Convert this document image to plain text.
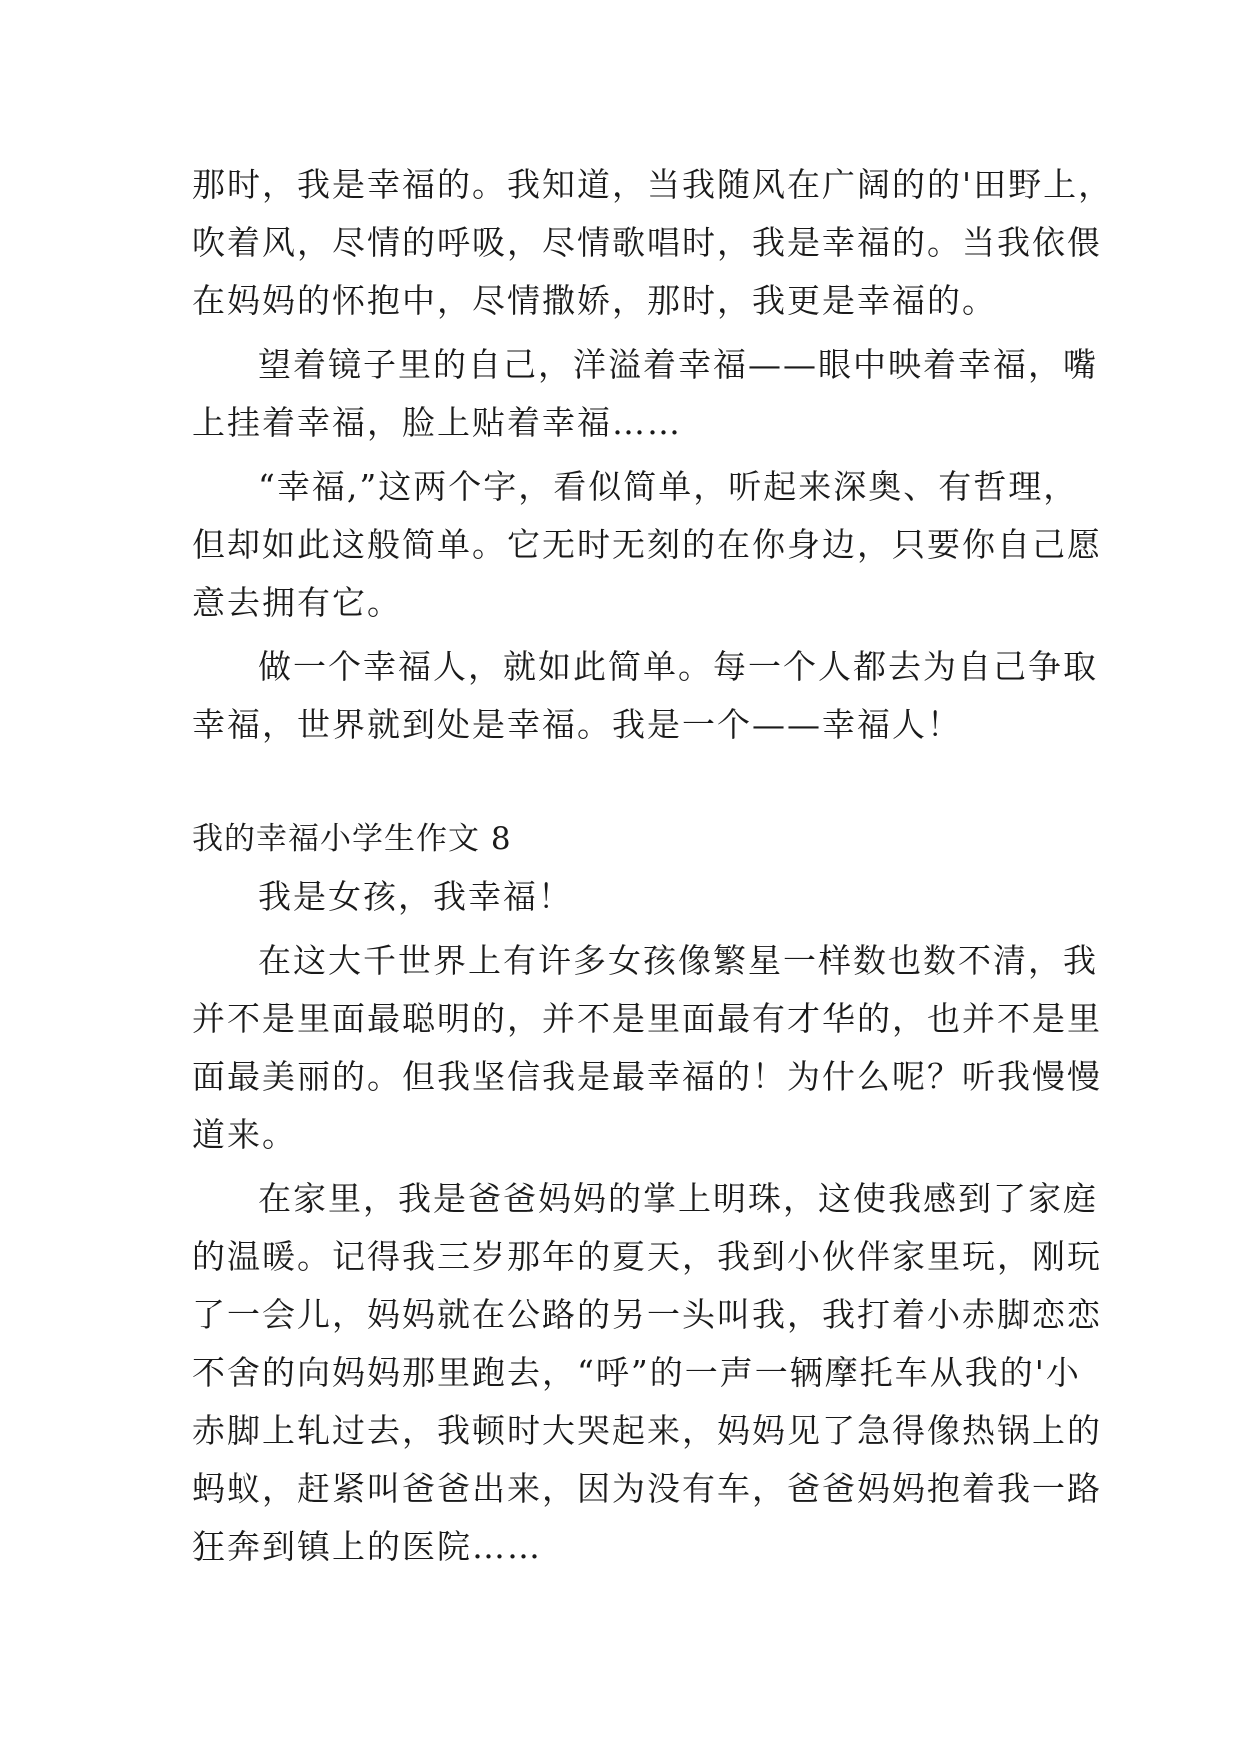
那时，我是幸福的。我知道，当我随风在广阔的的'田野上，
吹着风，尽情的呼吸，尽情歌唱时，我是幸福的。当我依偎
在妈妈的怀抱中，尽情撒娇，那时，我更是幸福的。
望着镜子里的自己，洋溢着幸福——眼中映着幸福，嘴
上挂着幸福，脸上贴着幸福……
“幸福,”这两个字，看似简单，听起来深奥、有哲理，
但却如此这般简单。它无时无刻的在你身边，只要你自己愿
意去拥有它。
做一个幸福人，就如此简单。每一个人都去为自己争取
幸福，世界就到处是幸福。我是一个——幸福人！
我的幸福小学生作文 8
我是女孩，我幸福！
在这大千世界上有许多女孩像繁星一样数也数不清，我
并不是里面最聪明的，并不是里面最有才华的，也并不是里
面最美丽的。但我坚信我是最幸福的！为什么呢？听我慢慢
道来。
在家里，我是爸爸妈妈的掌上明珠，这使我感到了家庭
的温暖。记得我三岁那年的夏天，我到小伙伴家里玩，刚玩
了一会儿，妈妈就在公路的另一头叫我，我打着小赤脚恋恋
不舍的向妈妈那里跑去，“呼”的一声一辆摩托车从我的'小
赤脚上轧过去，我顿时大哭起来，妈妈见了急得像热锅上的
蚂蚁，赶紧叫爸爸出来，因为没有车，爸爸妈妈抱着我一路
狂奔到镇上的医院……
